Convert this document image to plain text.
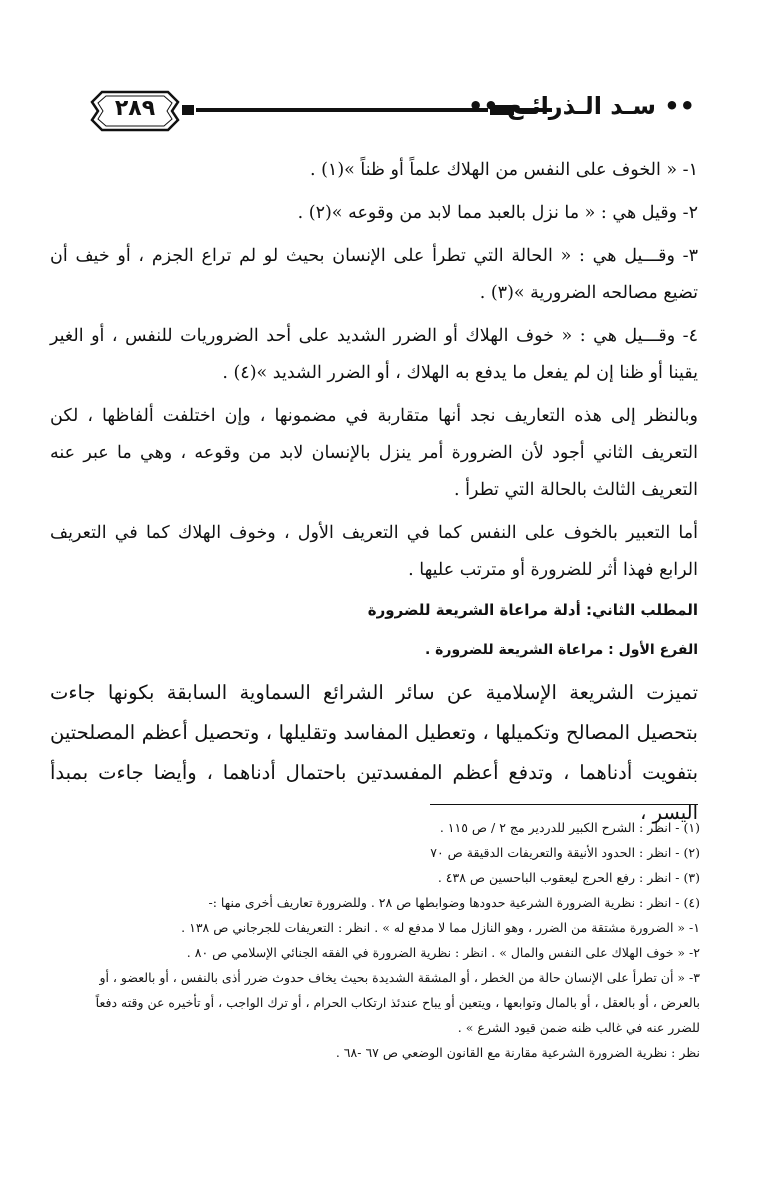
٢٨٩	•• سـد الـذرائـع ••

١- « الخوف على النفس من الهلاك علماً أو ظناً »(١) .

٢- وقيل هي : « ما نزل بالعبد مما لابد من وقوعه »(٢) .

٣- وقـــيل هي : « الحالة التي تطرأ على الإنسان بحيث لو لم تراع الجزم ، أو خيف أن تضيع مصالحه الضرورية »(٣) .

٤- وقـــيل هي : « خوف الهلاك أو الضرر الشديد على أحد الضروريات للنفس ، أو الغير يقينا أو ظنا إن لم يفعل ما يدفع به الهلاك ، أو الضرر الشديد »(٤) .

وبالنظر إلى هذه التعاريف نجد أنها متقاربة في مضمونها ، وإن اختلفت ألفاظها ، لكن التعريف الثاني أجود لأن الضرورة أمر ينزل بالإنسان لابد من وقوعه ، وهي ما عبر عنه التعريف الثالث بالحالة التي تطرأ .

أما التعبير بالخوف على النفس كما في التعريف الأول ، وخوف الهلاك كما في التعريف الرابع فهذا أثر للضرورة أو مترتب عليها .

المطلب الثاني: أدلة مراعاة الشريعة للضرورة

الفرع الأول : مراعاة الشريعة للضرورة .

تميزت الشريعة الإسلامية عن سائر الشرائع السماوية السابقة بكونها جاءت بتحصيل المصالح وتكميلها ، وتعطيل المفاسد وتقليلها ، وتحصيل أعظم المصلحتين بتفويت أدناهما ، وتدفع أعظم المفسدتين باحتمال أدناهما ، وأيضا جاءت بمبدأ اليسر ،

(١) - انظر : الشرح الكبير للدردير مج ٢ / ص ١١٥ .
(٢) - انظر : الحدود الأنيقة والتعريفات الدقيقة ص ٧٠
(٣) - انظر : رفع الحرج ليعقوب الباحسين ص ٤٣٨ .
(٤) - انظر : نظرية الضرورة الشرعية حدودها وضوابطها ص ٢٨ . وللضرورة تعاريف أخرى منها :-
١- « الضرورة مشتقة من الضرر ، وهو النازل مما لا مدفع له » . انظر : التعريفات للجرجاني ص ١٣٨ .
٢- « خوف الهلاك على النفس والمال » . انظر : نظرية الضرورة في الفقه الجنائي الإسلامي ص ٨٠ .
٣- « أن تطرأ على الإنسان حالة من الخطر ، أو المشقة الشديدة بحيث يخاف حدوث ضرر أذى بالنفس ، أو بالعضو ، أو بالعرض ، أو بالعقل ، أو بالمال وتوابعها ، ويتعين أو يباح عندئذ ارتكاب الحرام ، أو ترك الواجب ، أو تأخيره عن وقته دفعاً للضرر عنه في غالب ظنه ضمن قيود الشرع » .
نظر : نظرية الضرورة الشرعية مقارنة مع القانون الوضعي ص ٦٧ -٦٨ .
